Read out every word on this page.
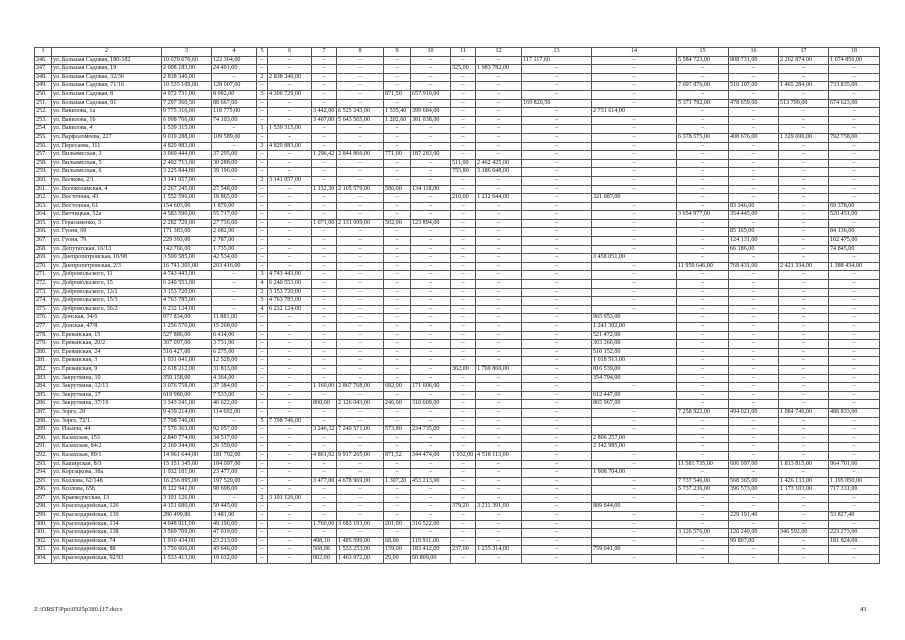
1	2	3	4	5	6	7	8	9	10	11	12	13	14	15	16	17	18
246.	ул. Большая Садовая, 180-182	10 070 670,60	122 364,00	–	–	–	–	–	–	–	–	117 117,60	–	5 584 723,00	908 731,00	2 262 874,00	1 074 856,00
247.	ул. Большая Садовая, 19	2 008 183,00	24 401,00	–	–	–	–	–	–	325,00	1 983 782,00	–	–	–	–	–	–
248.	ул. Большая Садовая, 32/36	2 838 340,00	–	2	2 838 340,00	–	–	–	–	–	–	–	–	–	–	–	–
249.	ул. Большая Садовая, 71/16	10 535 109,00	128 007,00	–	–	–	–	–	–	–	–	–	–	7 697 876,00	510 107,00	1 465 284,00	733 835,00
250.	ул. Большая Садовая, 8	4 972 731,00	8 092,00	3	4 306 729,00	–	–	871,50	657 910,00	–	–	–	–	–	–	–	–
251.	ул. Большая Садовая, 91	7 297 360,50	88 667,00	–	–	–	–	–	–	–	–	169 820,50	–	5 371 792,00	478 659,00	513 799,00	674 623,00
252.	ул. Вавилова, 1а	9 775 316,00	118 775,00	–	–	3 442,00	6 525 243,00	1 535,40	399 684,00	–	–	–	2 731 614,00	–	–	–	–
253.	ул. Вавилова, 1б	6 098 706,00	74 103,00	–	–	3 407,00	5 643 565,00	1 202,60	381 038,00	–	–	–	–	–	–	–	–
254.	ул. Вавилова, 4	1 539 315,00	–	1	1 539 315,00	–	–	–	–	–	–	–	–	–	–	–	–
255.	ул. Варфоломеева, 227	9 019 288,00	109 589,00	–	–	–	–	–	–	–	–	–	–	6 378 575,00	408 676,00	1 329 690,00	792 758,00
256.	ул. Пересаева, 111	4 829 883,00	–	3	4 829 883,00	–	–	–	–	–	–	–	–	–	–	–	–
257.	ул. Вильямсская, 3	3 069 444,00	37 295,00	–	–	1 296,42	2 844 866,00	771,00	187 283,00	–	–	–	–	–	–	–	–
258.	ул. Вильямсская, 5	2 492 713,00	30 288,00	–	–	–	–	–	–	511,00	2 462 425,00	–	–	–	–	–	–
259.	ул. Вильямсская, 6	3 225 844,00	39 196,00	–	–	–	–	–	–	755,80	3 186 648,00	–	–	–	–	–	–
260.	ул. Волкова, 2/1	3 141 057,00	–	2	3 141 057,00	–	–	–	–	–	–	–	–	–	–	–	–
261.	ул. Волоколамская, 4	2 267 245,00	27 548,00	–	–	1 132,30	2 105 579,00	586,00	134 118,00	–	–	–	–	–	–	–	–
262.	ул. Восточная, 43	1 552 596,00	18 865,00	–	–	–	–	–	–	210,00	1 212 644,00	–	321 087,00	–	–	–	–
263.	ул. Восточная, 61	154 603,00	1 879,00	–	–	–	–	–	–	–	–	–	–	–	83 346,00	–	69 378,00
264.	ул. Вятчицкая, 52а	4 583 590,00	55 717,00	–	–	–	–	–	–	–	–	–	–	3 654 977,00	354 445,00	–	520 451,00
265.	ул. Герасименко, 3	2 282 729,00	27 736,00	–	–	1 071,00	2 131 099,00	502,00	123 894,00	–	–	–	–	–	–	–	–
266.	ул. Гуоня, 69	171 383,00	2 082,00	–	–	–	–	–	–	–	–	–	–	–	85 165,00	–	84 136,00
267.	ул. Гуоня, 79	229 393,00	2 787,00	–	–	–	–	–	–	–	–	–	–	–	124 131,00	–	102 475,00
268.	ул. Депутатская, 16/13	142 766,00	1 735,00	–	–	–	–	–	–	–	–	–	–	–	66 186,00	–	74 845,00
269.	ул. Днепропетровская, 10/98	3 500 585,00	42 534,00	–	–	–	–	–	–	–	–	–	3 458 051,00	–	–	–	–
270.	ул. Днепропетровская, 2/3	16 741 301,00	203 416,00	–	–	–	–	–	–	–	–	–	–	11 959 646,00	768 431,00	2 421 334,00	1 388 434,00
271.	ул. Добровольского, 11	4 743 443,00	–	3	4 743 443,00	–	–	–	–	–	–	–	–	–	–	–	–
272.	ул. Добровольского, 15	6 240 553,00	–	4	6 240 553,00	–	–	–	–	–	–	–	–	–	–	–	–
273.	ул. Добровольского, 13/1	3 153 720,00	–	2	3 153 720,00	–	–	–	–	–	–	–	–	–	–	–	–
274.	ул. Добровольского, 15/3	4 763 785,00	–	3	4 763 785,00	–	–	–	–	–	–	–	–	–	–	–	–
275.	ул. Добровольского, 36/2	6 232 124,00	–	4	6 232 124,00	–	–	–	–	–	–	–	–	–	–	–	–
276.	ул. Донская, 34/6	977 834,00	11 881,00	–	–	–	–	–	–	–	–	–	965 953,00	–	–	–	–
277.	ул. Донская, 47/8	1 256 570,00	15 268,00	–	–	–	–	–	–	–	–	–	1 241 302,00	–	–	–	–
278.	ул. Ереванская, 15	527 886,00	6 414,00	–	–	–	–	–	–	–	–	–	521 472,00	–	–	–	–
279.	ул. Ереванская, 20/2	307 097,00	3 731,00	–	–	–	–	–	–	–	–	–	303 366,00	–	–	–	–
280.	ул. Ереванская, 24	516 427,00	6 275,00	–	–	–	–	–	–	–	–	–	510 152,00	–	–	–	–
281.	ул. Ереванская, 3	1 031 041,00	12 528,00	–	–	–	–	–	–	–	–	–	1 018 513,00	–	–	–	–
282.	ул. Ереванская, 9	2 618 212,00	31 813,00	–	–	–	–	–	–	362,00	1 769 860,00	–	816 539,00	–	–	–	–
283.	ул. Закруткина, 10	359 158,00	4 364,00	–	–	–	–	–	–	–	–	–	354 794,00	–	–	–	–
284.	ул. Закруткина, 12/13	3 076 758,00	37 384,00	–	–	1 160,00	2 867 768,00	682,00	171 606,00	–	–	–	–	–	–	–	–
285.	ул. Закруткина, 17	619 980,00	7 533,00	–	–	–	–	–	–	–	–	–	612 447,00	–	–	–	–
286.	ул. Закруткина, 37/19	3 343 241,00	40 622,00	–	–	800,00	2 126 043,00	246,00	310 609,00	–	–	–	865 967,00	–	–	–	–
287.	ул. Зорге, 20	9 439 214,00	114 692,00	–	–	–	–	–	–	–	–	–	–	7 258 922,00	494 021,00	1 084 746,00	486 833,00
288.	ул. Зорге, 72/1	7 798 746,00	–	5	7 798 746,00	–	–	–	–	–	–	–	–	–	–	–	–
289.	ул. Ильича, 44	7 576 363,00	92 057,00	–	–	3 246,32	7 249 571,00	573,80	234 735,00	–	–	–	–	–	–	–	–
290.	ул. Казахская, 153	2 840 774,00	34 517,00	–	–	–	–	–	–	–	–	–	2 806 257,00	–	–	–	–
291.	ул. Казахская, 84/2	2 169 344,00	26 359,00	–	–	–	–	–	–	–	–	–	2 142 985,00	–	–	–	–
292.	ул. Казахская, 89/1	14 961 644,00	181 792,00	–	–	4 861,92	9 917 265,00	871,52	344 474,00	1 932,00	4 518 113,00	–	–	–	–	–	–
293.	ул. Каширская, 8/3	15 151 345,00	184 097,00	–	–	–	–	–	–	–	–	–	–	11 581 735,00	606 997,00	1 813 815,00	964 701,00
294.	ул. Коргацкова, 38а	1 932 181,00	23 477,00	–	–	–	–	–	–	–	–	–	1 908 704,00	–	–	–	–
295.	ул. Козлова, 62/148	16 256 895,00	197 529,00	–	–	3 477,00	4 678 969,00	1 307,20	453 213,00	–	–	–	–	7 737 546,00	568 365,00	1 426 133,00	1 195 050,00
296.	ул. Козлова, 65б	8 122 941,00	98 698,00	–	–	–	–	–	–	–	–	–	–	5 737 236,00	396 573,00	1 173 103,00	717 331,00
297.	ул. Краеведческая, 13	3 101 126,00	–	2	3 101 126,00	–	–	–	–	–	–	–	–	–	–	–	–
298.	ул. Краснодарейская, 126	4 151 680,00	50 445,00	–	–	–	–	–	–	379,20	3 211 391,00	–	889 844,00	–	–	–	–
299.	ул. Краснодарейская, 130	286 499,80	3 481,00	–	–	–	–	–	–	–	–	–	–	–	229 191,40	–	53 827,40
300.	ул. Краснодарейская, 134	4 048 911,00	49 196,00	–	–	1 760,00	3 683 193,00	201,00	316 522,00	–	–	–	–	–	–	–	–
301.	ул. Краснодарейская, 138	3 569 709,00	47 019,00	–	–	–	–	–	–	–	–	–	–	3 126 576,00	126 249,00	346 592,00	223 273,00
302.	ул. Краснодарейская, 74	1 910 434,00	23 213,00	–	–	498,10	1 485 599,00	68,00	119 911,00	–	–	–	–	–	99 897,00	–	181 824,00
303.	ул. Краснодарейская, 88	3 756 666,00	45 646,00	–	–	568,08	1 533 253,00	159,00	183 412,00	237,60	1 235 314,00	–	759 041,00	–	–	–	–
304.	ул. Краснодарейская, 92/93	1 533 413,00	18 632,00	–	–	902,00	1 463 972,00	29,00	50 809,00	–	–	–	–	–	–	–	–
Z:\ORST\Ppo\0525p380.f17.docx	43
